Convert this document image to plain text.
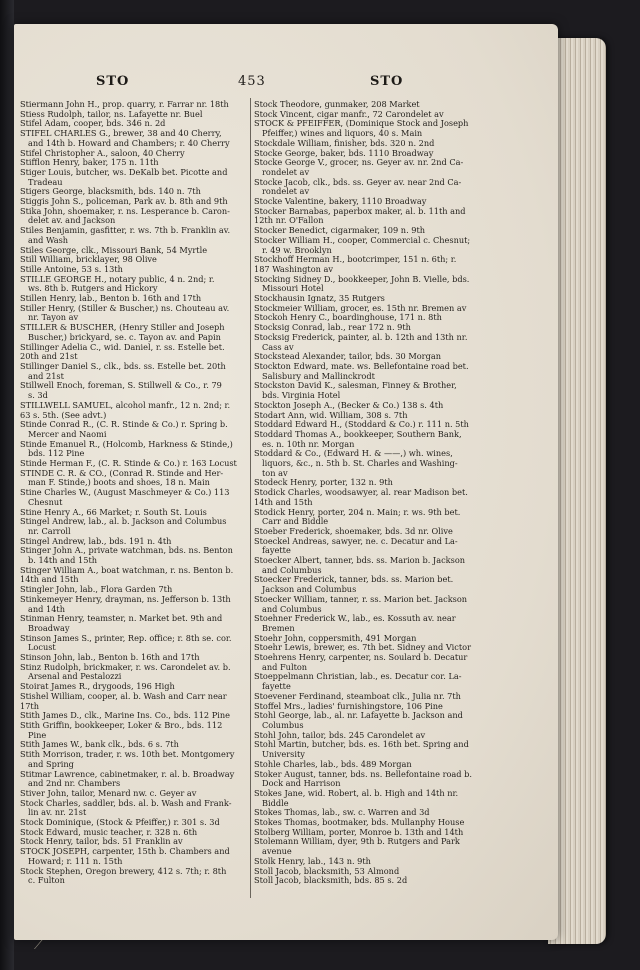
STO	453	STO
Stiermann John H., prop. quarry, r. Farrar nr. 18th
Stiess Rudolph, tailor, ns. Lafayette nr. Buel
Stifel Adam, cooper, bds. 346 n. 2d
STIFEL CHARLES G., brewer, 38 and 40 Cherry,
and 14th b. Howard and Chambers; r. 40 Cherry
Stifel Christopher A., saloon, 40 Cherry
Stifflon Henry, baker, 175 n. 11th
Stiger Louis, butcher, ws. DeKalb bet. Picotte and
Tradeau
Stigers George, blacksmith, bds. 140 n. 7th
Stiggis John S., policeman, Park av. b. 8th and 9th
Stika John, shoemaker, r. ns. Lesperance b. Caron-
delet av. and Jackson
Stiles Benjamin, gasfitter, r. ws. 7th b. Franklin av.
and Wash
Stiles George, clk., Missouri Bank, 54 Myrtle
Still William, bricklayer, 98 Olive
Stille Antoine, 53 s. 13th
STILLE GEORGE H., notary public, 4 n. 2nd; r.
ws. 8th b. Rutgers and Hickory
Stillen Henry, lab., Benton b. 16th and 17th
Stiller Henry, (Stiller & Buscher,) ns. Chouteau av.
nr. Tayon av
STILLER & BUSCHER, (Henry Stiller and Joseph
Buscher,) brickyard, se. c. Tayon av. and Papin
Stillinger Adelia C., wid. Daniel, r. ss. Estelle bet.
20th and 21st
Stillinger Daniel S., clk., bds. ss. Estelle bet. 20th
and 21st
Stillwell Enoch, foreman, S. Stillwell & Co., r. 79
s. 3d
STILLWELL SAMUEL, alcohol manfr., 12 n. 2nd; r.
63 s. 5th. (See advt.)
Stinde Conrad R., (C. R. Stinde & Co.) r. Spring b.
Mercer and Naomi
Stinde Emanuel R., (Holcomb, Harkness & Stinde,)
bds. 112 Pine
Stinde Herman F., (C. R. Stinde & Co.) r. 163 Locust
STINDE C. R. & CO., (Conrad R. Stinde and Her-
man F. Stinde,) boots and shoes, 18 n. Main
Stine Charles W., (August Maschmeyer & Co.) 113
Chesnut
Stine Henry A., 66 Market; r. South St. Louis
Stingel Andrew, lab., al. b. Jackson and Columbus
nr. Carroll
Stingel Andrew, lab., bds. 191 n. 4th
Stinger John A., private watchman, bds. ns. Benton
b. 14th and 15th
Stinger William A., boat watchman, r. ns. Benton b.
14th and 15th
Stingler John, lab., Flora Garden 7th
Stinkemeyer Henry, drayman, ns. Jefferson b. 13th
and 14th
Stinman Henry, teamster, n. Market bet. 9th and
Broadway
Stinson James S., printer, Rep. office; r. 8th se. cor.
Locust
Stinson John, lab., Benton b. 16th and 17th
Stinz Rudolph, brickmaker, r. ws. Carondelet av. b.
Arsenal and Pestalozzi
Stoirat James R., drygoods, 196 High
Stishel William, cooper, al. b. Wash and Carr near
17th
Stith James D., clk., Marine Ins. Co., bds. 112 Pine
Stith Griffin, bookkeeper, Loker & Bro., bds. 112
Pine
Stith James W., bank clk., bds. 6 s. 7th
Stith Morrison, trader, r. ws. 10th bet. Montgomery
and Spring
Stitmar Lawrence, cabinetmaker, r. al. b. Broadway
and 2nd nr. Chambers
Stiver John, tailor, Menard nw. c. Geyer av
Stock Charles, saddler, bds. al. b. Wash and Frank-
lin av. nr. 21st
Stock Dominique, (Stock & Pfeiffer,) r. 301 s. 3d
Stock Edward, music teacher, r. 328 n. 6th
Stock Henry, tailor, bds. 51 Franklin av
STOCK JOSEPH, carpenter, 15th b. Chambers and
Howard; r. 111 n. 15th
Stock Stephen, Oregon brewery, 412 s. 7th; r. 8th
c. Fulton
Stock Theodore, gunmaker, 208 Market
Stock Vincent, cigar manfr., 72 Carondelet av
STOCK & PFEIFFER, (Dominique Stock and Joseph
Pfeiffer,) wines and liquors, 40 s. Main
Stockdale William, finisher, bds. 320 n. 2nd
Stocke George, baker, bds. 1110 Broadway
Stocke George V., grocer, ns. Geyer av. nr. 2nd Ca-
rondelet av
Stocke Jacob, clk., bds. ss. Geyer av. near 2nd Ca-
rondelet av
Stocke Valentine, bakery, 1110 Broadway
Stocker Barnabas, paperbox maker, al. b. 11th and
12th nr. O'Fallon
Stocker Benedict, cigarmaker, 109 n. 9th
Stocker William H., cooper, Commercial c. Chesnut;
r. 49 w. Brooklyn
Stockhoff Herman H., bootcrimper, 151 n. 6th; r.
187 Washington av
Stocking Sidney D., bookkeeper, John B. Vielle, bds.
Missouri Hotel
Stockhausin Ignatz, 35 Rutgers
Stockmeier William, grocer, es. 15th nr. Bremen av
Stockoh Henry C., boardinghouse, 171 n. 8th
Stocksig Conrad, lab., rear 172 n. 9th
Stocksig Frederick, painter, al. b. 12th and 13th nr.
Cass av
Stockstead Alexander, tailor, bds. 30 Morgan
Stockton Edward, mate. ws. Bellefontaine road bet.
Salisbury and Mallinckrodt
Stockston David K., salesman, Finney & Brother,
bds. Virginia Hotel
Stockton Joseph A., (Becker & Co.) 138 s. 4th
Stodart Ann, wid. William, 308 s. 7th
Stoddard Edward H., (Stoddard & Co.) r. 111 n. 5th
Stoddard Thomas A., bookkeeper, Southern Bank,
es. n. 10th nr. Morgan
Stoddard & Co., (Edward H. & ——,) wh. wines,
liquors, &c., n. 5th b. St. Charles and Washing-
ton av
Stodeck Henry, porter, 132 n. 9th
Stodick Charles, woodsawyer, al. rear Madison bet.
14th and 15th
Stodick Henry, porter, 204 n. Main; r. ws. 9th bet.
Carr and Biddle
Stoeber Frederick, shoemaker, bds. 3d nr. Olive
Stoeckel Andreas, sawyer, ne. c. Decatur and La-
fayette
Stoecker Albert, tanner, bds. ss. Marion b. Jackson
and Columbus
Stoecker Frederick, tanner, bds. ss. Marion bet.
Jackson and Columbus
Stoecker William, tanner, r. ss. Marion bet. Jackson
and Columbus
Stoehner Frederick W., lab., es. Kossuth av. near
Bremen
Stoehr John, coppersmith, 491 Morgan
Stoehr Lewis, brewer, es. 7th bet. Sidney and Victor
Stoehrens Henry, carpenter, ns. Soulard b. Decatur
and Fulton
Stoeppelmann Christian, lab., es. Decatur cor. La-
fayette
Stoevener Ferdinand, steamboat clk., Julia nr. 7th
Stoffel Mrs., ladies' furnishingstore, 106 Pine
Stohl George, lab., al. nr. Lafayette b. Jackson and
Columbus
Stohl John, tailor, bds. 245 Carondelet av
Stohl Martin, butcher, bds. es. 16th bet. Spring and
University
Stohle Charles, lab., bds. 489 Morgan
Stoker August, tanner, bds. ns. Bellefontaine road b.
Dock and Harrison
Stokes Jane, wid. Robert, al. b. High and 14th nr.
Biddle
Stokes Thomas, lab., sw. c. Warren and 3d
Stokes Thomas, bootmaker, bds. Mullanphy House
Stolberg William, porter, Monroe b. 13th and 14th
Stolemann William, dyer, 9th b. Rutgers and Park
avenue
Stolk Henry, lab., 143 n. 9th
Stoll Jacob, blacksmith, 53 Almond
Stoll Jacob, blacksmith, bds. 85 s. 2d
⟋
